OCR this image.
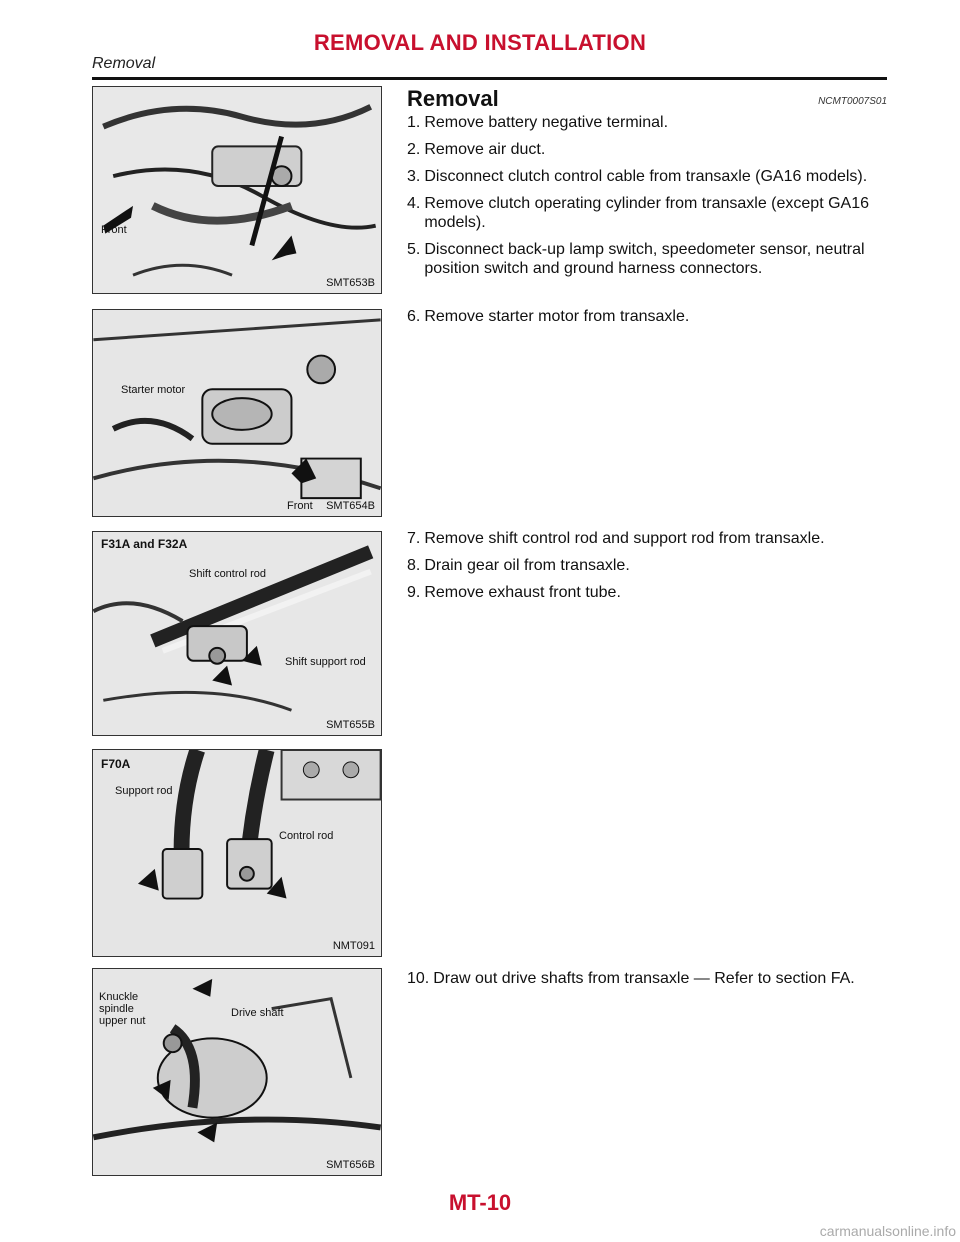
REMOVAL AND INSTALLATION
Removal
Front
SMT653B
Starter motor
Front SMT654B
F31A and F32A
Shift control rod
Shift support rod
SMT655B
F70A
Support rod
Control rod
NMT091
Knuckle spindle upper nut
Drive shaft
SMT656B
Removal	NCMT0007S01
1. Remove battery negative terminal.
2. Remove air duct.
3. Disconnect clutch control cable from transaxle (GA16 models).
4. Remove clutch operating cylinder from transaxle (except GA16 models).
5. Disconnect back-up lamp switch, speedometer sensor, neutral position switch and ground harness connectors.
6. Remove starter motor from transaxle.
7. Remove shift control rod and support rod from transaxle.
8. Drain gear oil from transaxle.
9. Remove exhaust front tube.
10. Draw out drive shafts from transaxle — Refer to section FA.
MT-10
carmanualsonline.info
